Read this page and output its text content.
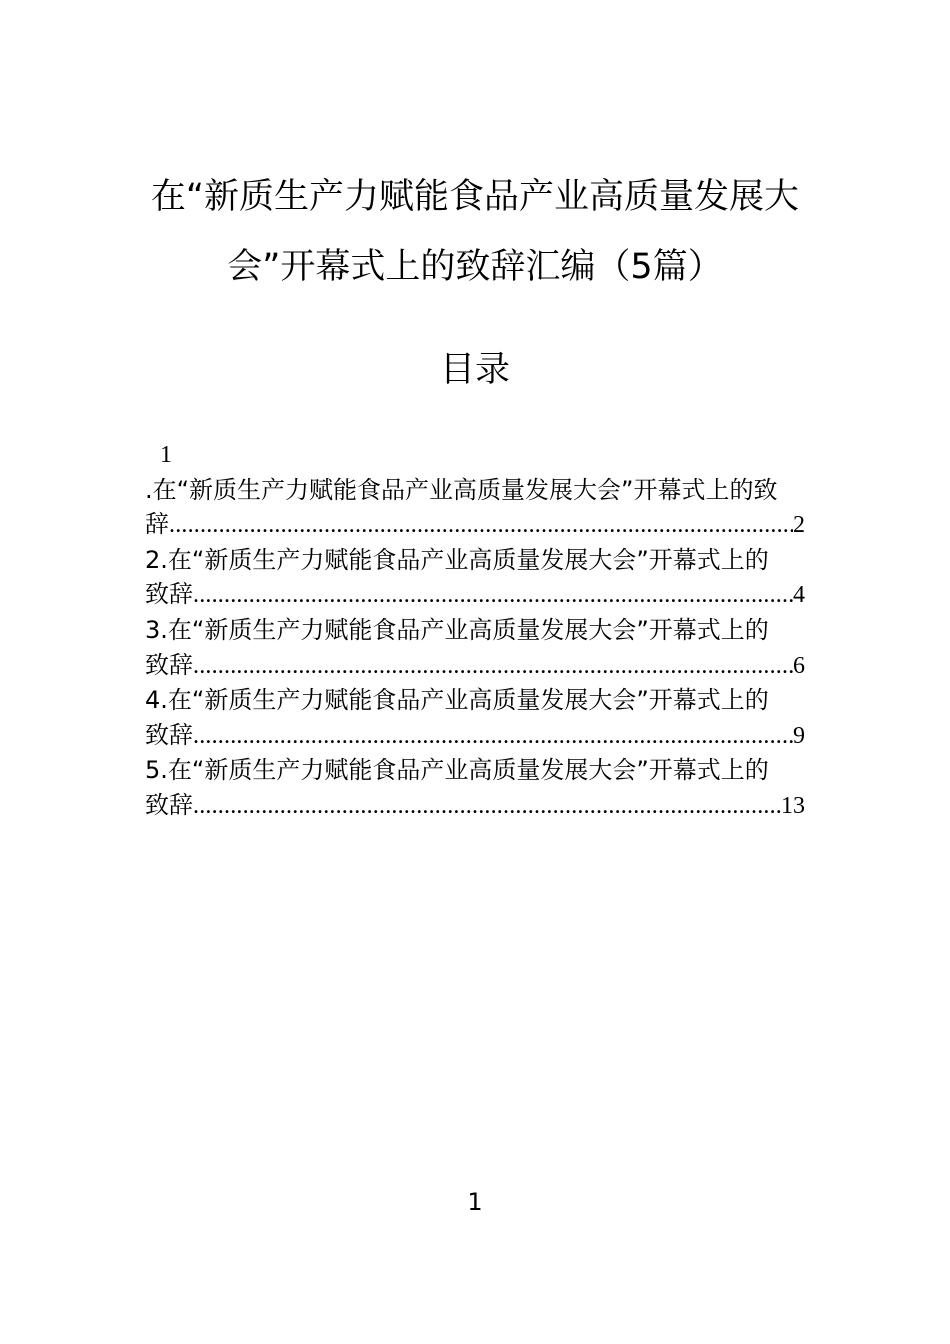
在“新质生产力赋能食品产业高质量发展大
会”开幕式上的致辞汇编（5篇）
目录
1
.在“新质生产力赋能食品产业高质量发展大会”开幕式上的致
辞 .....	2
2.在“新质生产力赋能食品产业高质量发展大会”开幕式上的
致辞 .....	4
3.在“新质生产力赋能食品产业高质量发展大会”开幕式上的
致辞 .....	6
4.在“新质生产力赋能食品产业高质量发展大会”开幕式上的
致辞 .....	9
5.在“新质生产力赋能食品产业高质量发展大会”开幕式上的
致辞 .....	13
1
